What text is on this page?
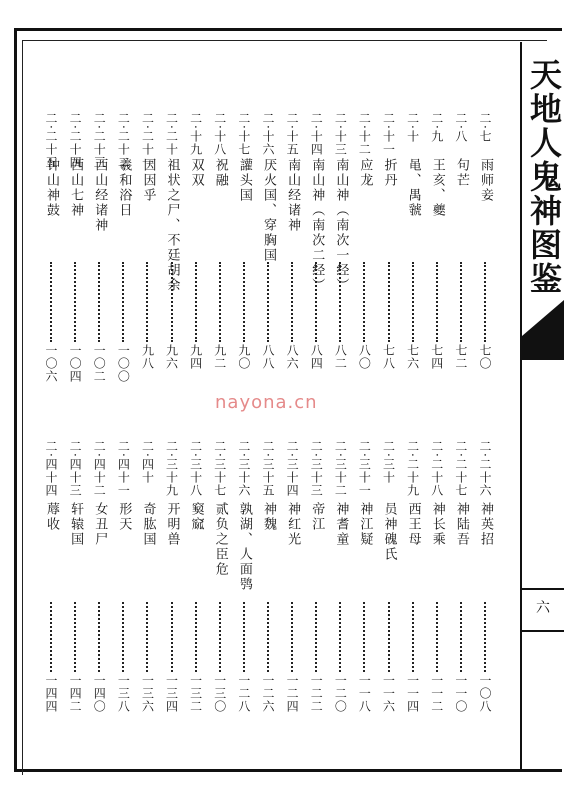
天地人鬼神图鉴
六
二·七
雨师妾
七〇
二·八
句芒
七二
二·九
王亥、夔
七四
二·十
黾、禺虢
七六
二·十一
折丹
七八
二·十二
应龙
八〇
二·十三
南山神（南次一经）
八二
二·十四
南山神（南次二经）
八四
二·十五
南山经诸神
八六
二·十六
厌火国、穿胸国
八八
二·十七
讙头国
九〇
二·十八
祝融
九二
二·十九
双双
九四
二·二十
祖状之尸、不廷胡余
九六
二·二十一
因因乎
九八
二·二十二
羲和浴日
一〇〇
二·二十三
西山经诸神
一〇二
二·二十四
西山七神
一〇四
二·二十五
钟山神鼓
一〇六
nayona.cn
二·二十六
神英招
一〇八
二·二十七
神陆吾
一一〇
二·二十八
神长乘
一一二
二·二十九
西王母
一一四
二·三十
员神磈氏
一一六
二·三十一
神江疑
一一八
二·三十二
神耆童
一二〇
二·三十三
帝江
一二二
二·三十四
神红光
一二四
二·三十五
神魏
一二六
二·三十六
孰湖、人面鸮
一二八
二·三十七
贰负之臣危
一三〇
二·三十八
窫窳
一三二
二·三十九
开明兽
一三四
二·四十
奇肱国
一三六
二·四十一
形天
一三八
二·四十二
女丑尸
一四〇
二·四十三
轩辕国
一四二
二·四十四
蓐收
一四四
